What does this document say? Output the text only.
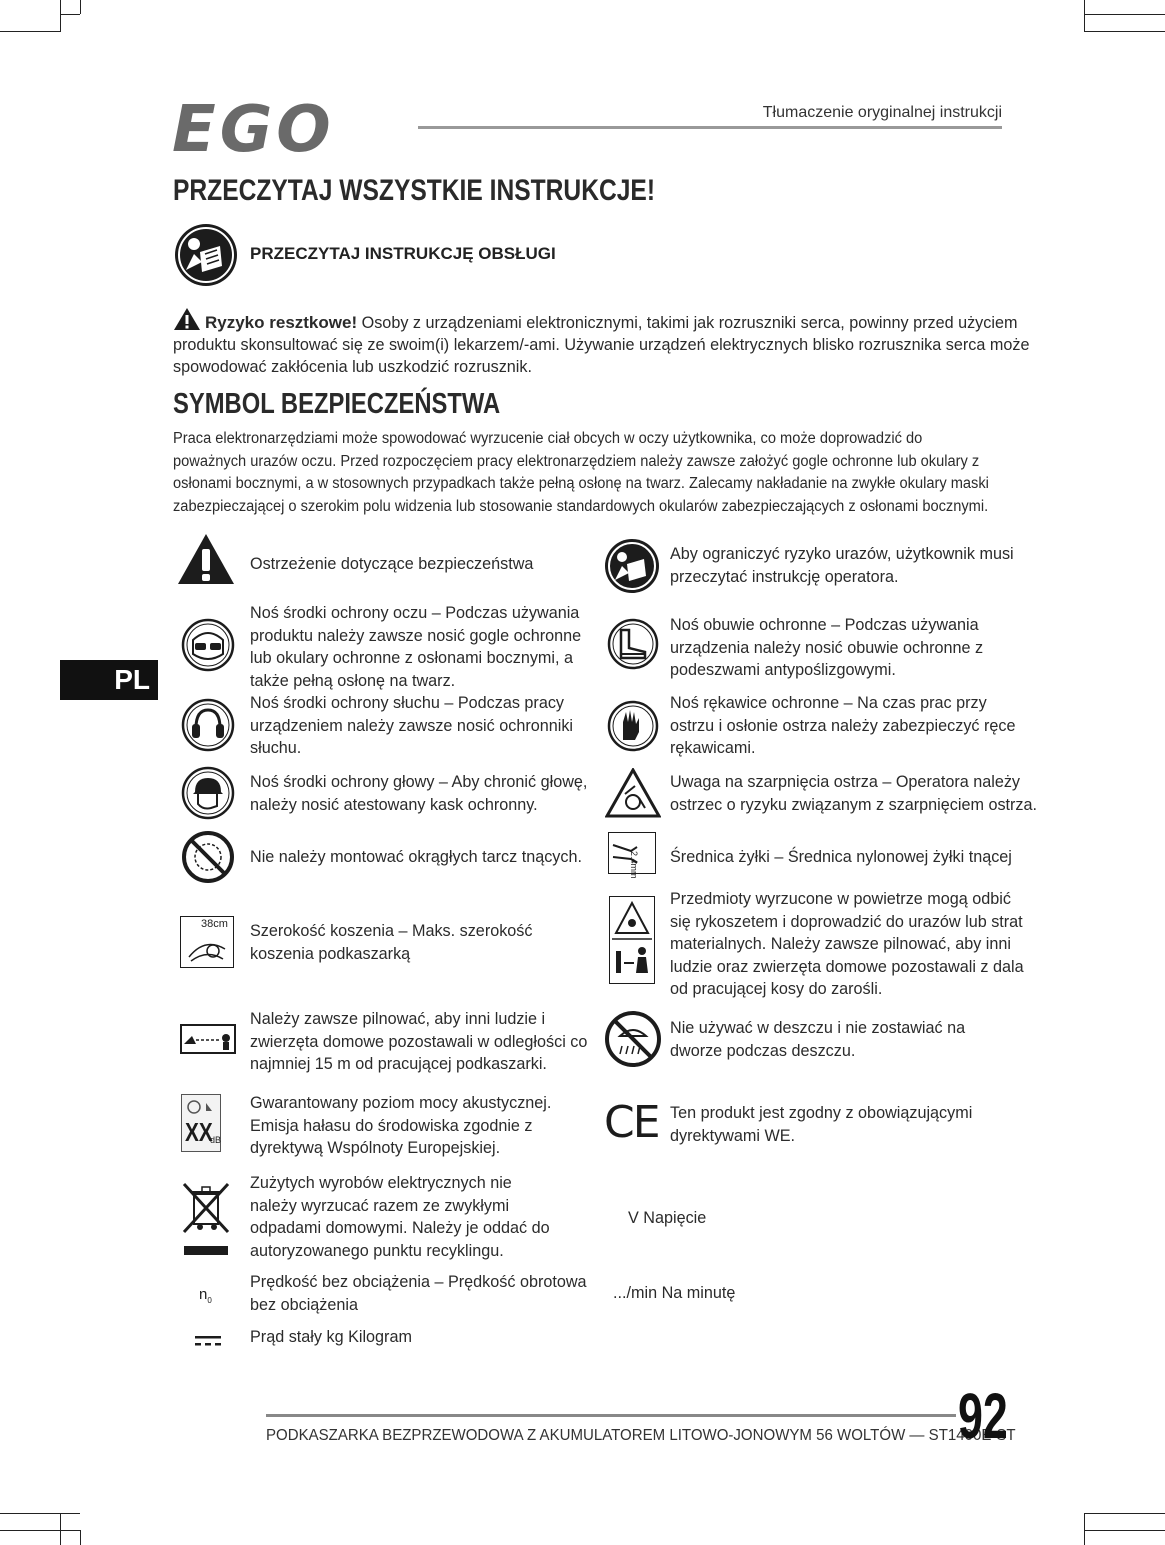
EGO	Tłumaczenie oryginalnej instrukcji
PRZECZYTAJ WSZYSTKIE INSTRUKCJE!
PRZECZYTAJ INSTRUKCJĘ OBSŁUGI
Ryzyko resztkowe! Osoby z urządzeniami elektronicznymi, takimi jak rozruszniki serca, powinny przed użyciem
produktu skonsultować się ze swoim(i) lekarzem/-ami. Używanie urządzeń elektrycznych blisko rozrusznika serca może
spowodować zakłócenia lub uszkodzić rozrusznik.
SYMBOL BEZPIECZEŃSTWA
Praca elektronarzędziami może spowodować wyrzucenie ciał obcych w oczy użytkownika, co może doprowadzić do
poważnych urazów oczu. Przed rozpoczęciem pracy elektronarzędziem należy zawsze założyć gogle ochronne lub okulary z
osłonami bocznymi, a w stosownych przypadkach także pełną osłonę na twarz. Zalecamy nakładanie na zwykłe okulary maski
zabezpieczającej o szerokim polu widzenia lub stosowanie standardowych okularów zabezpieczających z osłonami bocznymi.
PL
38cm
XX
dB
$n_0$
Ostrzeżenie dotyczące bezpieczeństwa
Noś środki ochrony oczu – Podczas używania
produktu należy zawsze nosić gogle ochronne
lub okulary ochronne z osłonami bocznymi, a
także pełną osłonę na twarz.
Noś środki ochrony słuchu – Podczas pracy
urządzeniem należy zawsze nosić ochronniki
słuchu.
Noś środki ochrony głowy – Aby chronić głowę,
należy nosić atestowany kask ochronny.
Nie należy montować okrągłych tarcz tnących.
Szerokość koszenia – Maks. szerokość
koszenia podkaszarką
Należy zawsze pilnować, aby inni ludzie i
zwierzęta domowe pozostawali w odległości co
najmniej 15 m od pracującej podkaszarki.
Gwarantowany poziom mocy akustycznej.
Emisja hałasu do środowiska zgodnie z
dyrektywą Wspólnoty Europejskiej.
Zużytych wyrobów elektrycznych nie
należy wyrzucać razem ze zwykłymi
odpadami domowymi. Należy je oddać do
autoryzowanego punktu recyklingu.
Prędkość bez obciążenia – Prędkość obrotowa
bez obciążenia
Prąd stały kg Kilogram
2.4mm
CE
Aby ograniczyć ryzyko urazów, użytkownik musi
przeczytać instrukcję operatora.
Noś obuwie ochronne – Podczas używania
urządzenia należy nosić obuwie ochronne z
podeszwami antypoślizgowymi.
Noś rękawice ochronne – Na czas prac przy
ostrzu i osłonie ostrza należy zabezpieczyć ręce
rękawicami.
Uwaga na szarpnięcia ostrza – Operatora należy
ostrzec o ryzyku związanym z szarpnięciem ostrza.
Średnica żyłki – Średnica nylonowej żyłki tnącej
Przedmioty wyrzucone w powietrze mogą odbić
się rykoszetem i doprowadzić do urazów lub strat
materialnych. Należy zawsze pilnować, aby inni
ludzie oraz zwierzęta domowe pozostawali z dala
od pracującej kosy do zarośli.
Nie używać w deszczu i nie zostawiać na
dworze podczas deszczu.
Ten produkt jest zgodny z obowiązującymi
dyrektywami WE.
V Napięcie
.../min Na minutę
PODKASZARKA BEZPRZEWODOWA Z AKUMULATOREM LITOWO-JONOWYM 56 WOLTÓW — ST1400E-ST
92
